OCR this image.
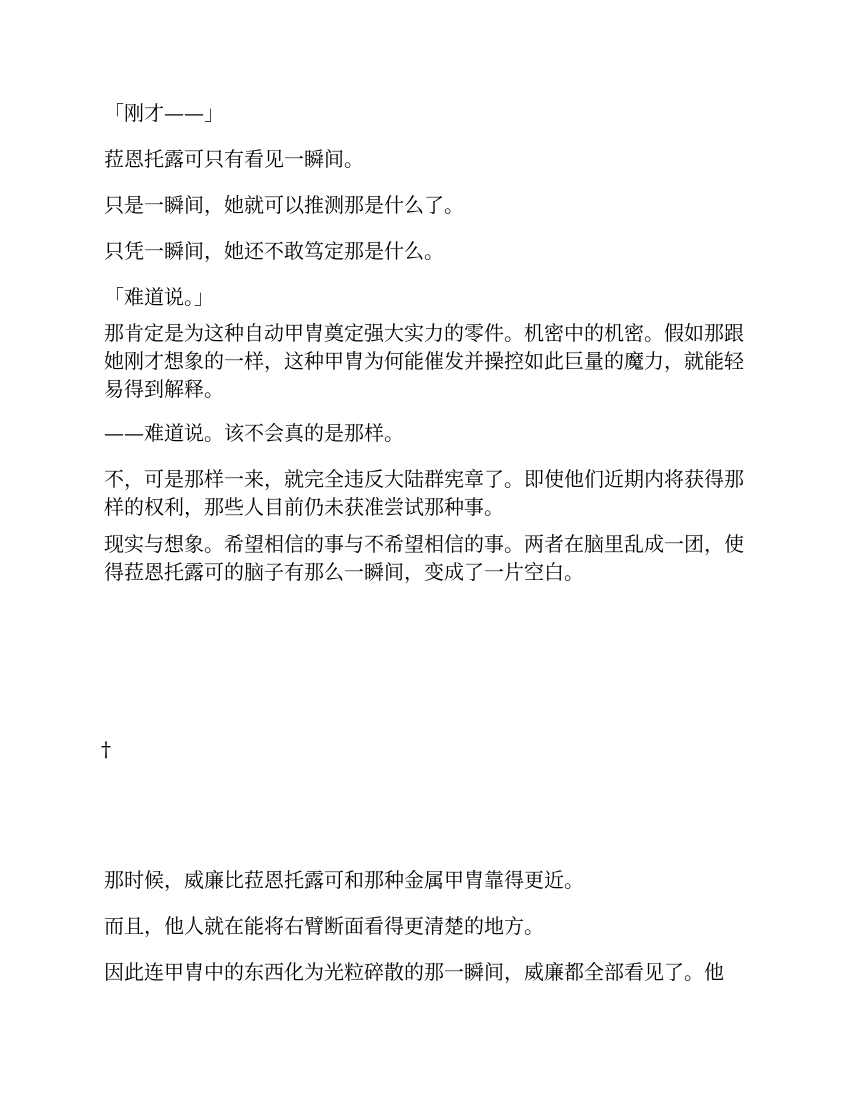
「刚才——」

菈恩托露可只有看见一瞬间。

只是一瞬间，她就可以推测那是什么了。

只凭一瞬间，她还不敢笃定那是什么。

「难道说。」

那肯定是为这种自动甲胄奠定强大实力的零件。机密中的机密。假如那跟她刚才想象的一样，这种甲胄为何能催发并操控如此巨量的魔力，就能轻易得到解释。

——难道说。该不会真的是那样。

不，可是那样一来，就完全违反大陆群宪章了。即使他们近期内将获得那样的权利，那些人目前仍未获准尝试那种事。

现实与想象。希望相信的事与不希望相信的事。两者在脑里乱成一团，使得菈恩托露可的脑子有那么一瞬间，变成了一片空白。

†

那时候，威廉比菈恩托露可和那种金属甲胄靠得更近。

而且，他人就在能将右臂断面看得更清楚的地方。

因此连甲胄中的东西化为光粒碎散的那一瞬间，威廉都全部看见了。他
